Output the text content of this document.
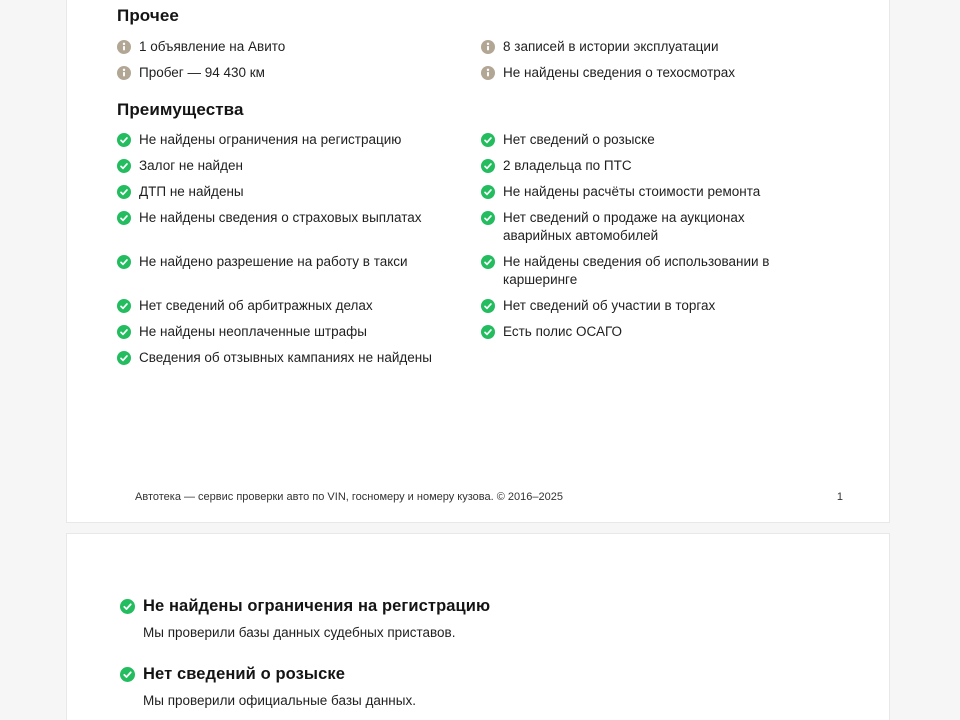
Прочее
1 объявление на Авито	8 записей в истории эксплуатации
Пробег — 94 430 км	Не найдены сведения о техосмотрах
Преимущества
Не найдены ограничения на регистрацию	Нет сведений о розыске
Залог не найден	2 владельца по ПТС
ДТП не найдены	Не найдены расчёты стоимости ремонта
Не найдены сведения о страховых выплатах	Нет сведений о продаже на аукционах аварийных автомобилей
Не найдено разрешение на работу в такси	Не найдены сведения об использовании в каршеринге
Нет сведений об арбитражных делах	Нет сведений об участии в торгах
Не найдены неоплаченные штрафы	Есть полис ОСАГО
Сведения об отзывных кампаниях не найдены
Автотека — сервис проверки авто по VIN, госномеру и номеру кузова. © 2016–2025	1
Не найдены ограничения на регистрацию
Мы проверили базы данных судебных приставов.
Нет сведений о розыске
Мы проверили официальные базы данных.
